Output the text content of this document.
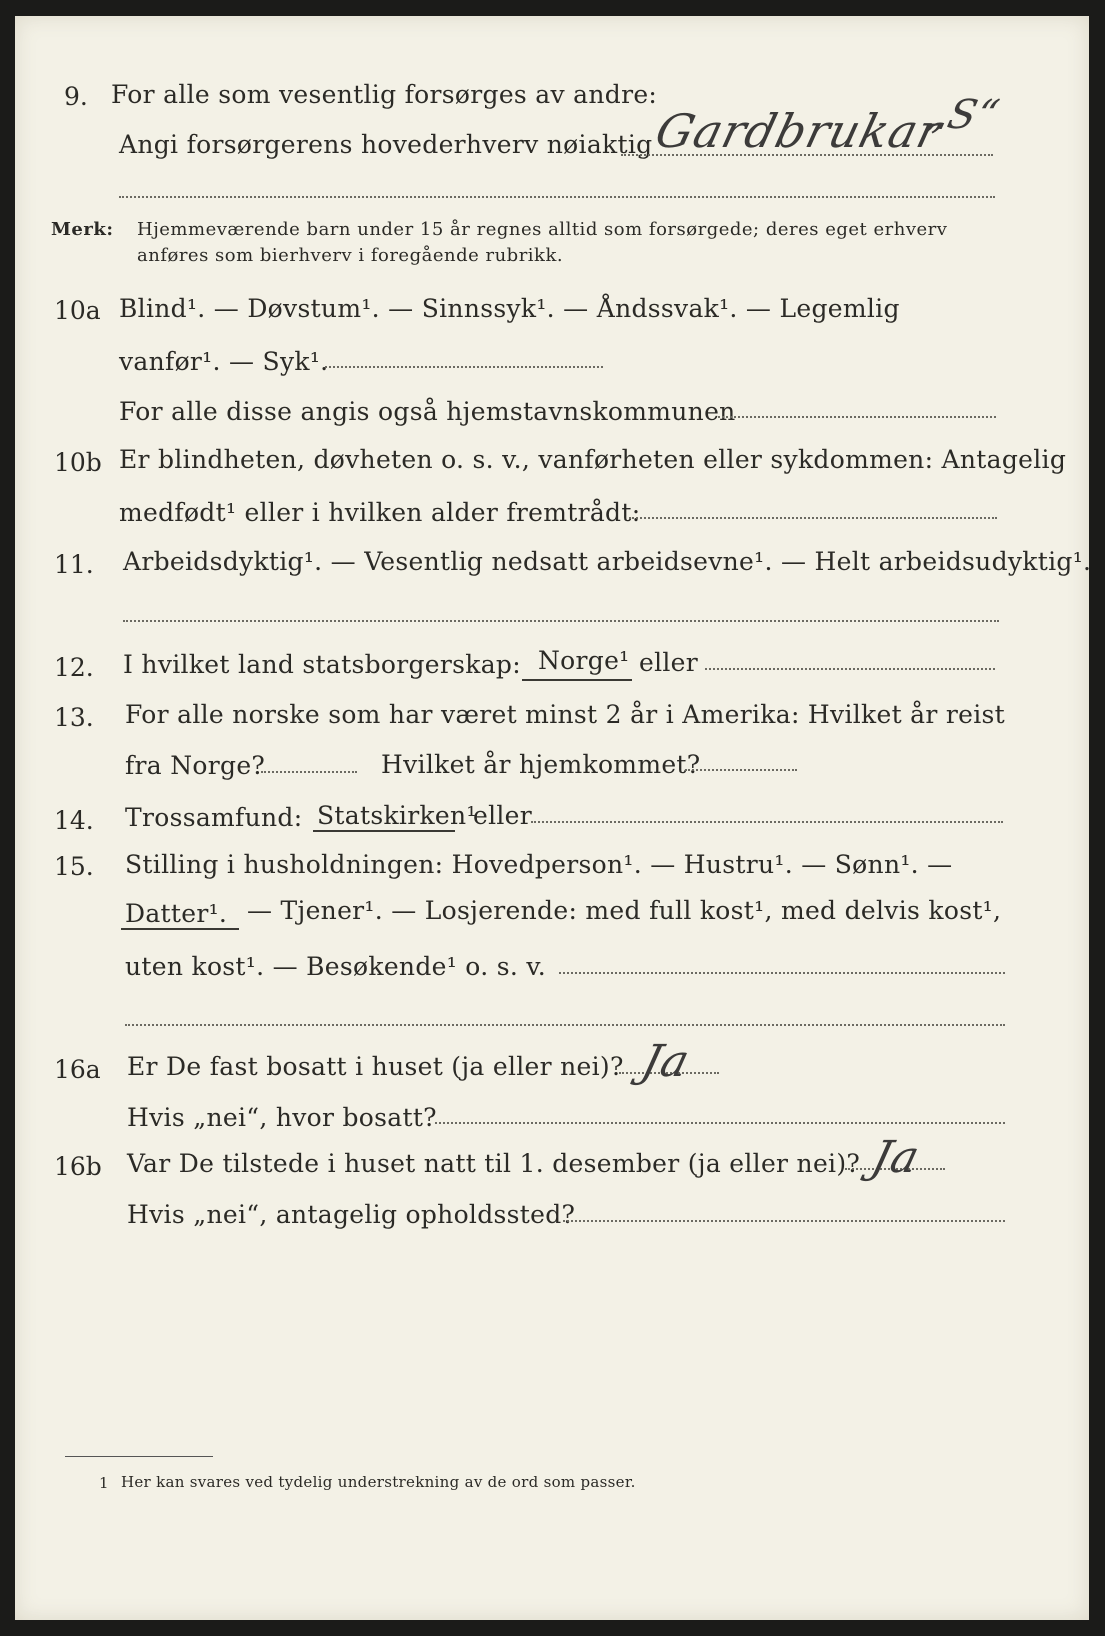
9. For alle som vesentlig forsørges av andre:
Angi forsørgerens hovederhverv nøiaktig
Gardbrukar
„S“
Merk: Hjemmeværende barn under 15 år regnes alltid som forsørgede; deres eget erhverv
anføres som bierhverv i foregående rubrikk.
10a Blind¹. — Døvstum¹. — Sinnssyk¹. — Åndssvak¹. — Legemlig
vanfør¹. — Syk¹.
For alle disse angis også hjemstavnskommunen
10b Er blindheten, døvheten o. s. v., vanførheten eller sykdommen: Antagelig
medfødt¹ eller i hvilken alder fremtrådt:
11. Arbeidsdyktig¹. — Vesentlig nedsatt arbeidsevne¹. — Helt arbeidsudyktig¹.
12. I hvilket land statsborgerskap: Norge¹ eller
13. For alle norske som har været minst 2 år i Amerika: Hvilket år reist
fra Norge?	Hvilket år hjemkommet?
14. Trossamfund: Statskirken¹
eller
15. Stilling i husholdningen: Hovedperson¹. — Hustru¹. — Sønn¹. —
Datter¹. — Tjener¹. — Losjerende: med full kost¹, med delvis kost¹,
uten kost¹. — Besøkende¹ o. s. v.
16a Er De fast bosatt i huset (ja eller nei)? Ja
Hvis „nei“, hvor bosatt?
16b Var De tilstede i huset natt til 1. desember (ja eller nei)? Ja
Hvis „nei“, antagelig opholdssted?
1 Her kan svares ved tydelig understrekning av de ord som passer.
